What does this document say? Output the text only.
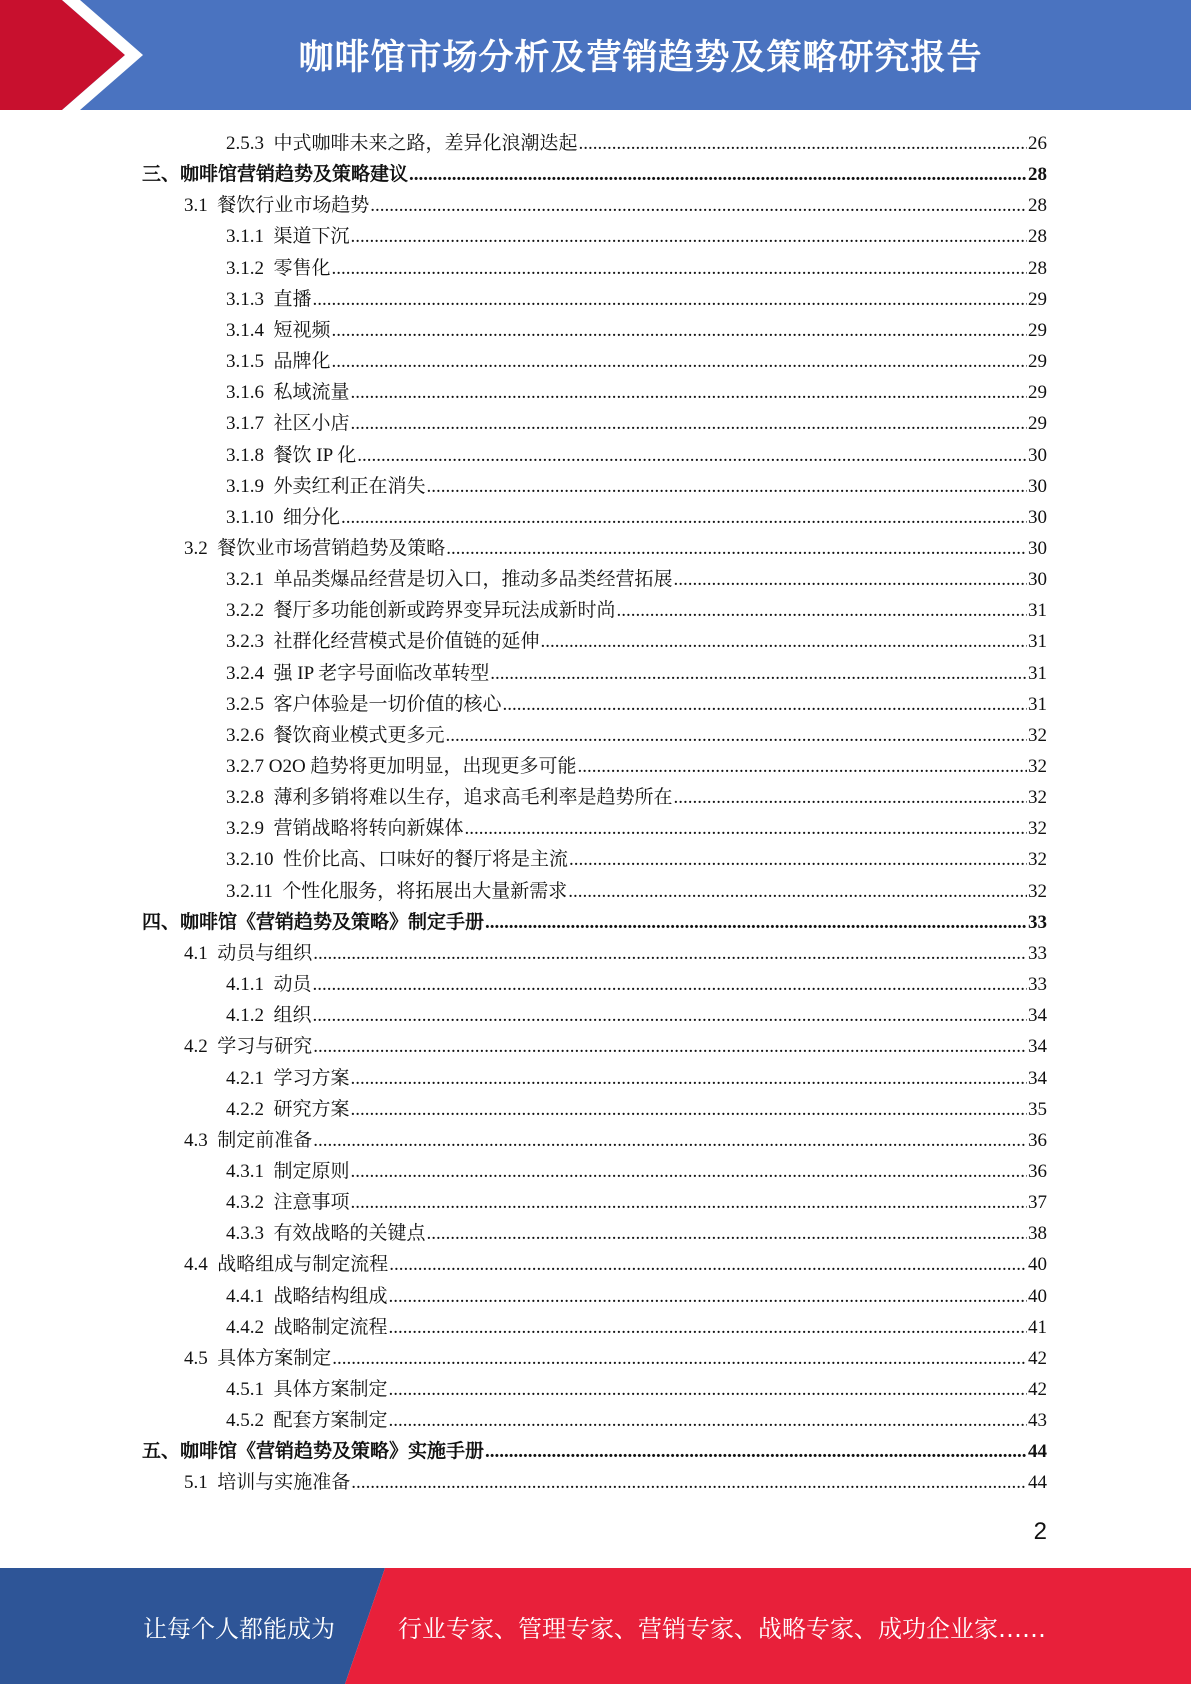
咖啡馆市场分析及营销趋势及策略研究报告
2.5.3  中式咖啡未来之路，差异化浪潮迭起 .....	26
三、咖啡馆营销趋势及策略建议 .....	28
3.1  餐饮行业市场趋势 .....	28
3.1.1  渠道下沉 .....	28
3.1.2  零售化 .....	28
3.1.3  直播 .....	29
3.1.4  短视频 .....	29
3.1.5  品牌化 .....	29
3.1.6  私域流量 .....	29
3.1.7  社区小店 .....	29
3.1.8  餐饮 IP 化 .....	30
3.1.9  外卖红利正在消失 .....	30
3.1.10  细分化 .....	30
3.2  餐饮业市场营销趋势及策略 .....	30
3.2.1  单品类爆品经营是切入口，推动多品类经营拓展 .....	30
3.2.2  餐厅多功能创新或跨界变异玩法成新时尚 .....	31
3.2.3  社群化经营模式是价值链的延伸 .....	31
3.2.4  强 IP 老字号面临改革转型 .....	31
3.2.5  客户体验是一切价值的核心 .....	31
3.2.6  餐饮商业模式更多元 .....	32
3.2.7 O2O 趋势将更加明显，出现更多可能 .....	32
3.2.8  薄利多销将难以生存，追求高毛利率是趋势所在 .....	32
3.2.9  营销战略将转向新媒体 .....	32
3.2.10  性价比高、口味好的餐厅将是主流 .....	32
3.2.11  个性化服务，将拓展出大量新需求 .....	32
四、咖啡馆《营销趋势及策略》制定手册 .....	33
4.1  动员与组织 .....	33
4.1.1  动员 .....	33
4.1.2  组织 .....	34
4.2  学习与研究 .....	34
4.2.1  学习方案 .....	34
4.2.2  研究方案 .....	35
4.3  制定前准备 .....	36
4.3.1  制定原则 .....	36
4.3.2  注意事项 .....	37
4.3.3  有效战略的关键点 .....	38
4.4  战略组成与制定流程 .....	40
4.4.1  战略结构组成 .....	40
4.4.2  战略制定流程 .....	41
4.5  具体方案制定 .....	42
4.5.1  具体方案制定 .....	42
4.5.2  配套方案制定 .....	43
五、咖啡馆《营销趋势及策略》实施手册 .....	44
5.1  培训与实施准备 .....	44
2
让每个人都能成为	行业专家、管理专家、营销专家、战略专家、成功企业家……
